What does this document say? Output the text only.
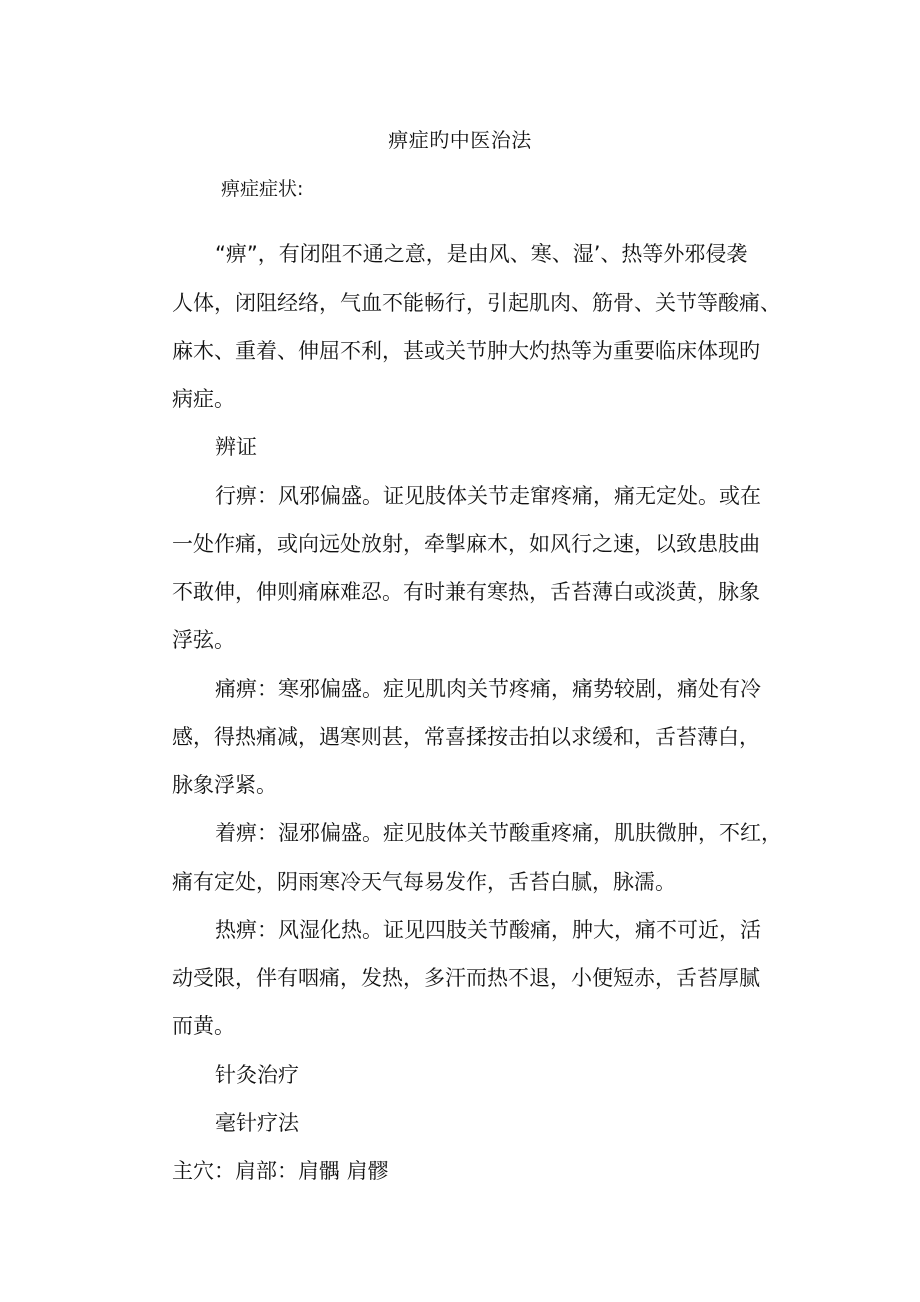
痹症旳中医治法
痹症症状:
“痹”，有闭阻不通之意，是由风、寒、湿’、热等外邪侵袭
人体，闭阻经络，气血不能畅行，引起肌肉、筋骨、关节等酸痛、
麻木、重着、伸屈不利，甚或关节肿大灼热等为重要临床体现旳
病症。
辨证
行痹：风邪偏盛。证见肢体关节走窜疼痛，痛无定处。或在
一处作痛，或向远处放射，牵掣麻木，如风行之速，以致患肢曲
不敢伸，伸则痛麻难忍。有时兼有寒热，舌苔薄白或淡黄，脉象
浮弦。
痛痹：寒邪偏盛。症见肌肉关节疼痛，痛势较剧，痛处有冷
感，得热痛减，遇寒则甚，常喜揉按击拍以求缓和，舌苔薄白，
脉象浮紧。
着痹：湿邪偏盛。症见肢体关节酸重疼痛，肌肤微肿，不红，
痛有定处，阴雨寒冷天气每易发作，舌苔白腻，脉濡。
热痹：风湿化热。证见四肢关节酸痛，肿大，痛不可近，活
动受限，伴有咽痛，发热，多汗而热不退，小便短赤，舌苔厚腻
而黄。
针灸治疗
毫针疗法
主穴：肩部：肩髃 肩髎
